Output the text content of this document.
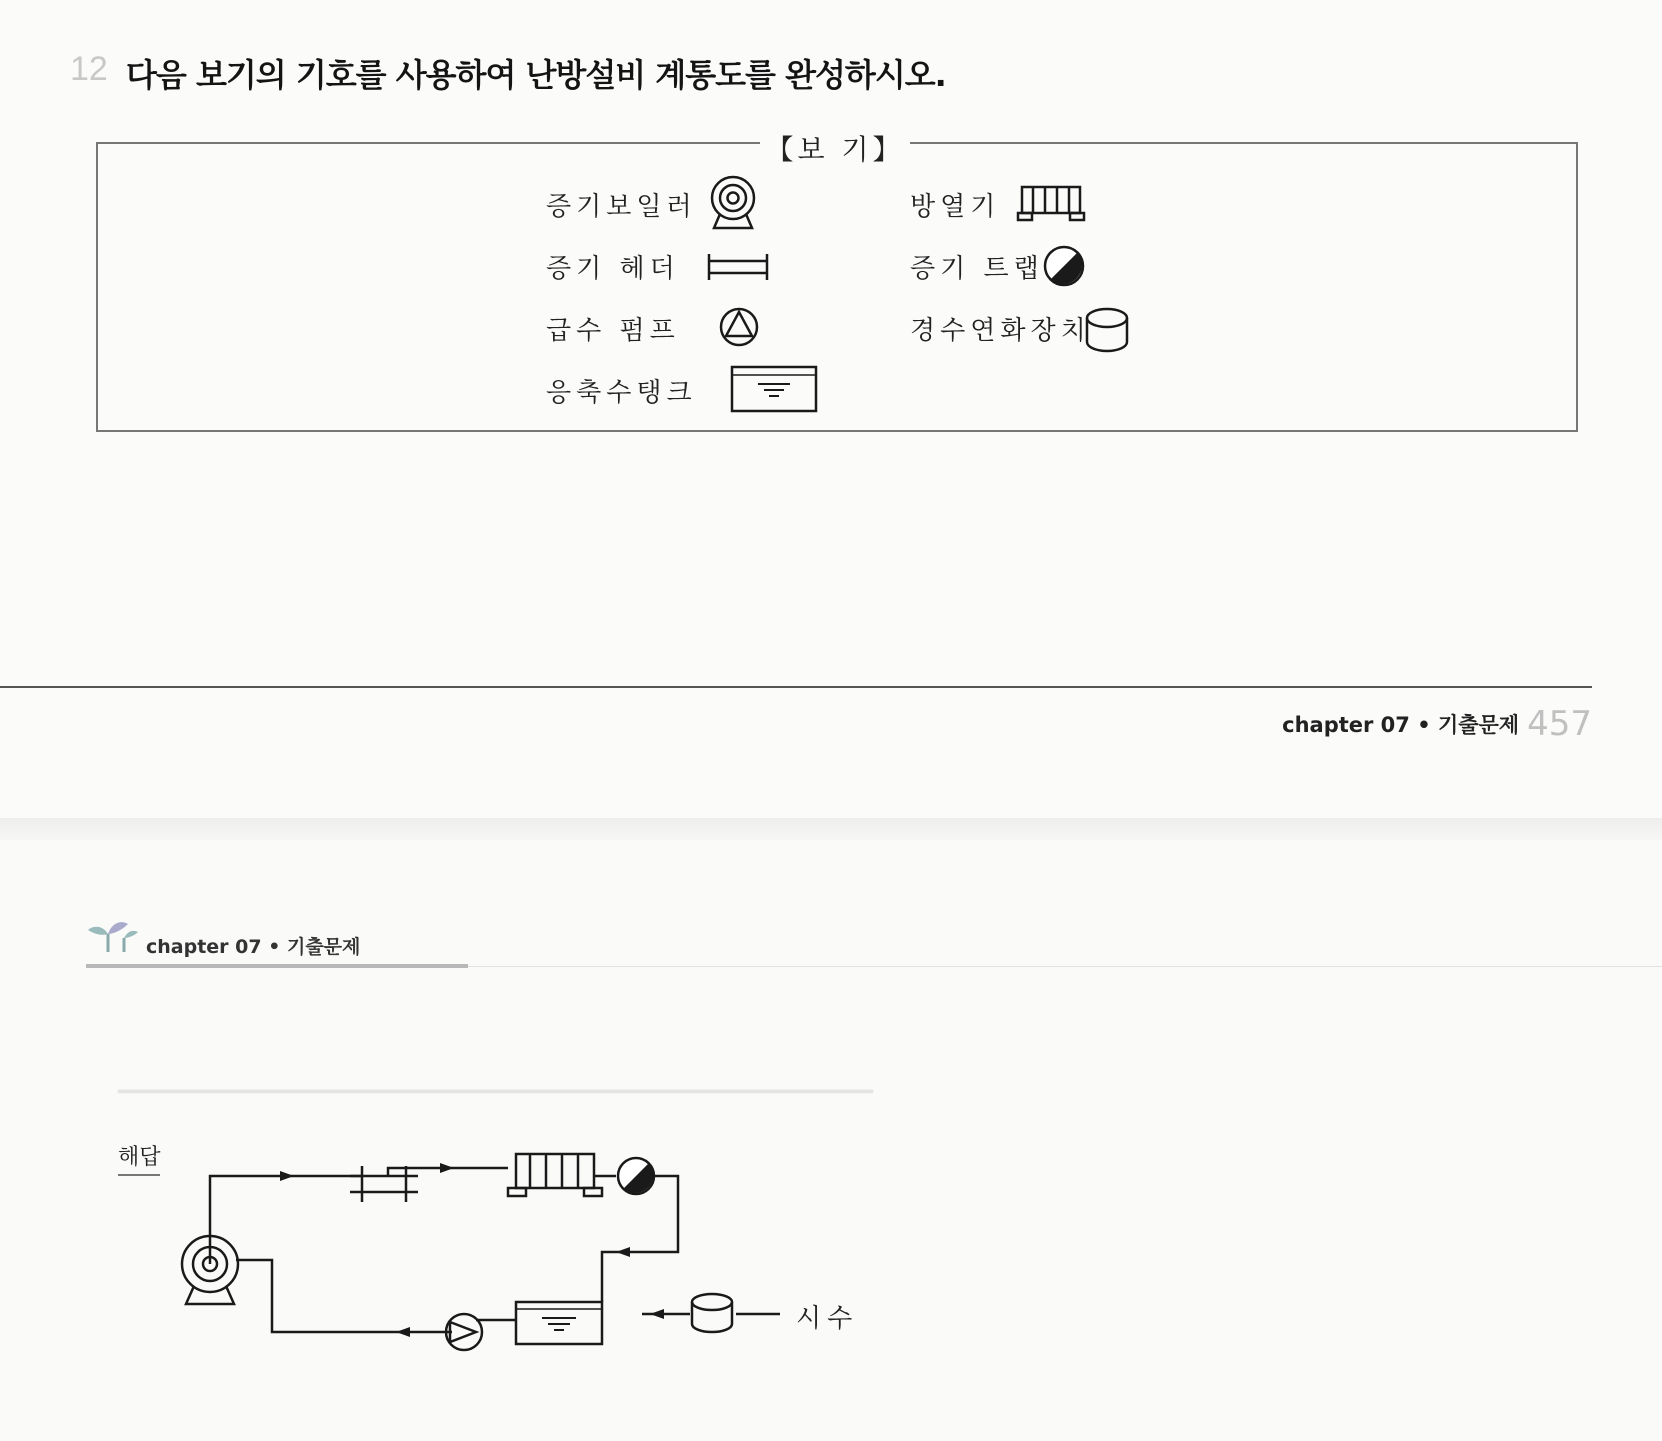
12 다음 보기의 기호를 사용하여 난방설비 계통도를 완성하시오.
【보 기】
증기보일러
증기 헤더
급수 펌프
응축수탱크
방열기
증기 트랩
경수연화장치
chapter 07 • 기출문제 457
chapter 07 • 기출문제
━━━━━━━━━━━━━━━━━━━━━━━━━━━━━━━━━━━━━━━━━━━━━━━━━━━━━━━━━
해답
시수
